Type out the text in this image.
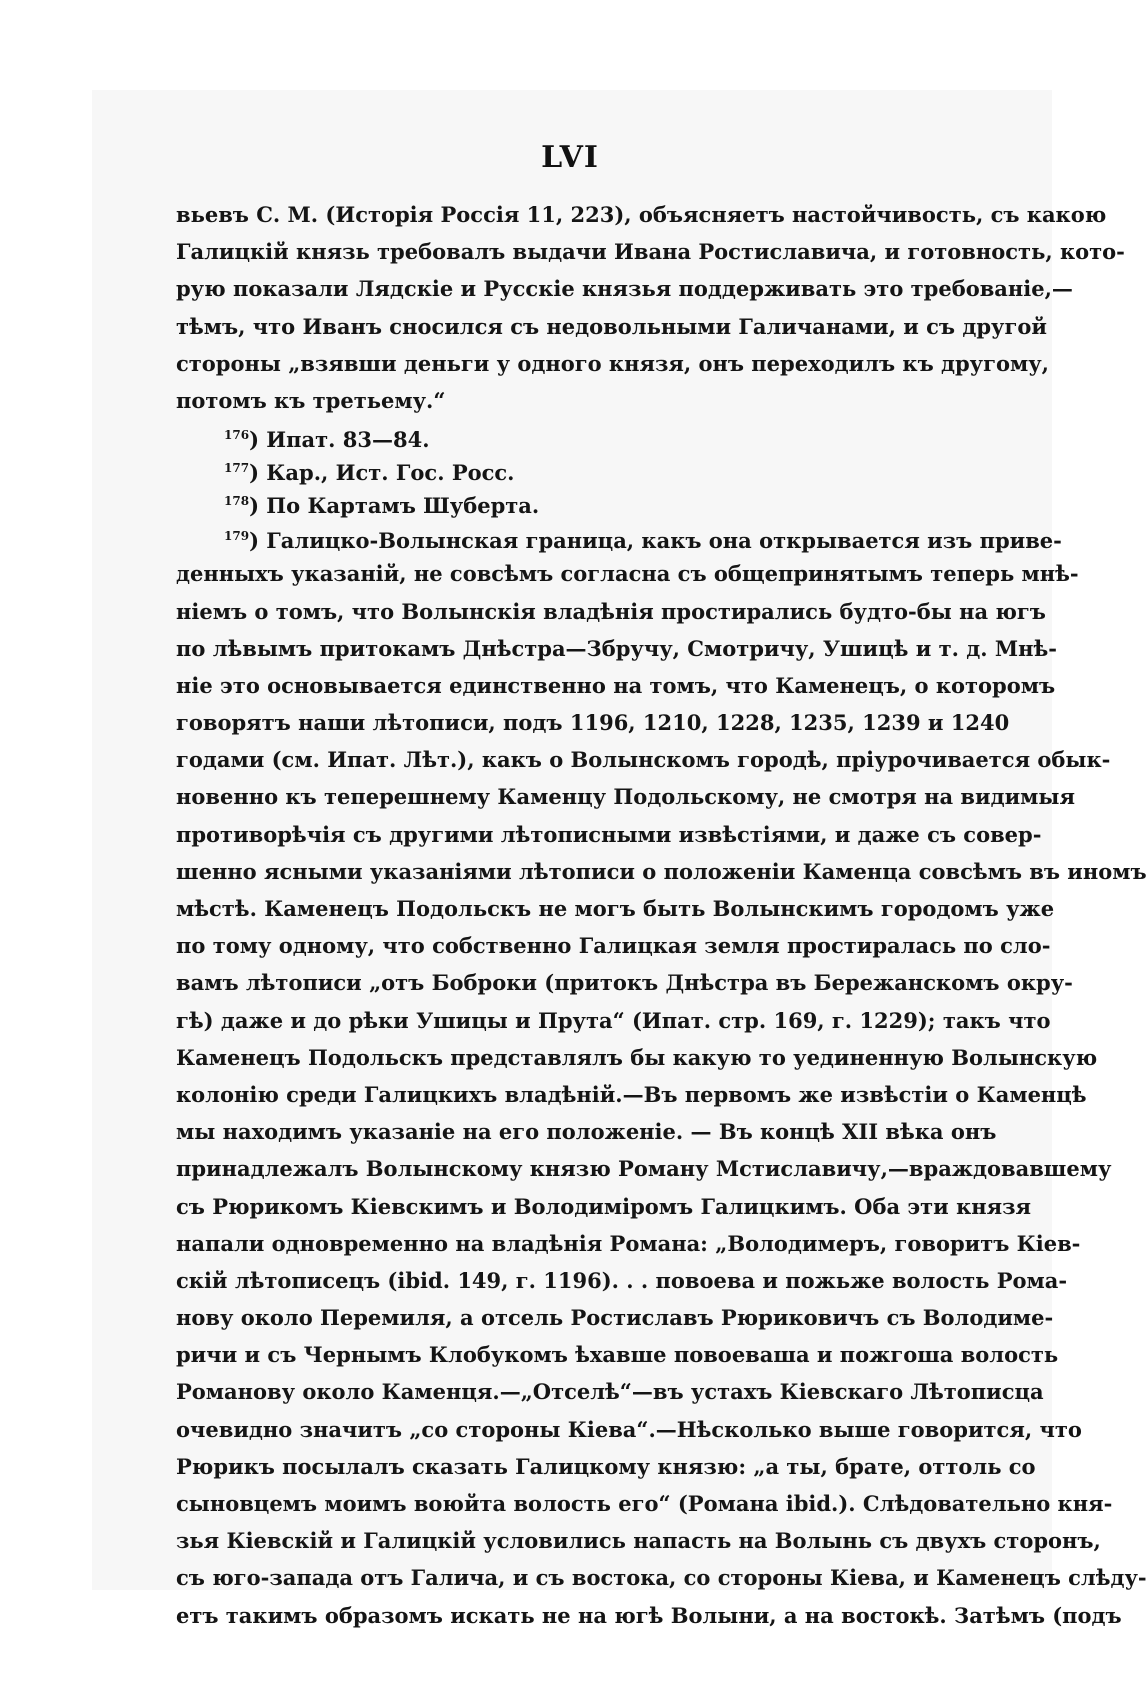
LVI
вьевъ С. М. (Исторія Россія 11, 223), объясняетъ настойчивость, съ какою
Галицкій князь требовалъ выдачи Ивана Ростиславича, и готовность, кото-
рую показали Лядскіе и Русскіе князья поддерживать это требованіе,—
тѣмъ, что Иванъ сносился съ недовольными Галичанами, и съ другой
стороны „взявши деньги у одного князя, онъ переходилъ къ другому,
потомъ къ третьему.“
$^{176}$) Ипат. 83—84.
$^{177}$) Кар., Ист. Гос. Росс.
$^{178}$) По Картамъ Шуберта.
$^{179}$) Галицко-Волынская граница, какъ она открывается изъ приве-
денныхъ указаній, не совсѣмъ согласна съ общепринятымъ теперь мнѣ-
ніемъ о томъ, что Волынскія владѣнія простирались будто-бы на югъ
по лѣвымъ притокамъ Днѣстра—Збручу, Смотричу, Ушицѣ и т. д. Мнѣ-
ніе это основывается единственно на томъ, что Каменецъ, о которомъ
говорятъ наши лѣтописи, подъ 1196, 1210, 1228, 1235, 1239 и 1240
годами (см. Ипат. Лѣт.), какъ о Волынскомъ городѣ, пріурочивается обык-
новенно къ теперешнему Каменцу Подольскому, не смотря на видимыя
противорѣчія съ другими лѣтописными извѣстіями, и даже съ совер-
шенно ясными указаніями лѣтописи о положеніи Каменца совсѣмъ въ иномъ
мѣстѣ. Каменецъ Подольскъ не могъ быть Волынскимъ городомъ уже
по тому одному, что собственно Галицкая земля простиралась по сло-
вамъ лѣтописи „отъ Боброки (притокъ Днѣстра въ Бережанскомъ окру-
гѣ) даже и до рѣки Ушицы и Прута“ (Ипат. стр. 169, г. 1229); такъ что
Каменецъ Подольскъ представлялъ бы какую то уединенную Волынскую
колонію среди Галицкихъ владѣній.—Въ первомъ же извѣстіи о Каменцѣ
мы находимъ указаніе на его положеніе. — Въ концѣ XII вѣка онъ
принадлежалъ Волынскому князю Роману Мстиславичу,—враждовавшему
съ Рюрикомъ Кіевскимъ и Володиміромъ Галицкимъ. Оба эти князя
напали одновременно на владѣнія Романа: „Володимеръ, говоритъ Кіев-
скій лѣтописецъ (ibid. 149, г. 1196). . . повоева и пожьже волость Рома-
нову около Перемиля, а отсель Ростиславъ Рюриковичъ съ Володиме-
ричи и съ Чернымъ Клобукомъ ѣхавше повоеваша и пожгоша волость
Романову около Каменця.—„Отселѣ“—въ устахъ Кіевскаго Лѣтописца
очевидно значитъ „со стороны Кіева“.—Нѣсколько выше говорится, что
Рюрикъ посылалъ сказать Галицкому князю: „а ты, брате, оттоль со
сыновцемъ моимъ воюйта волость его“ (Романа ibid.). Слѣдовательно кня-
зья Кіевскій и Галицкій условились напасть на Волынь съ двухъ сторонъ,
съ юго-запада отъ Галича, и съ востока, со стороны Кіева, и Каменецъ слѣду-
етъ такимъ образомъ искать не на югѣ Волыни, а на востокѣ. Затѣмъ (подъ
